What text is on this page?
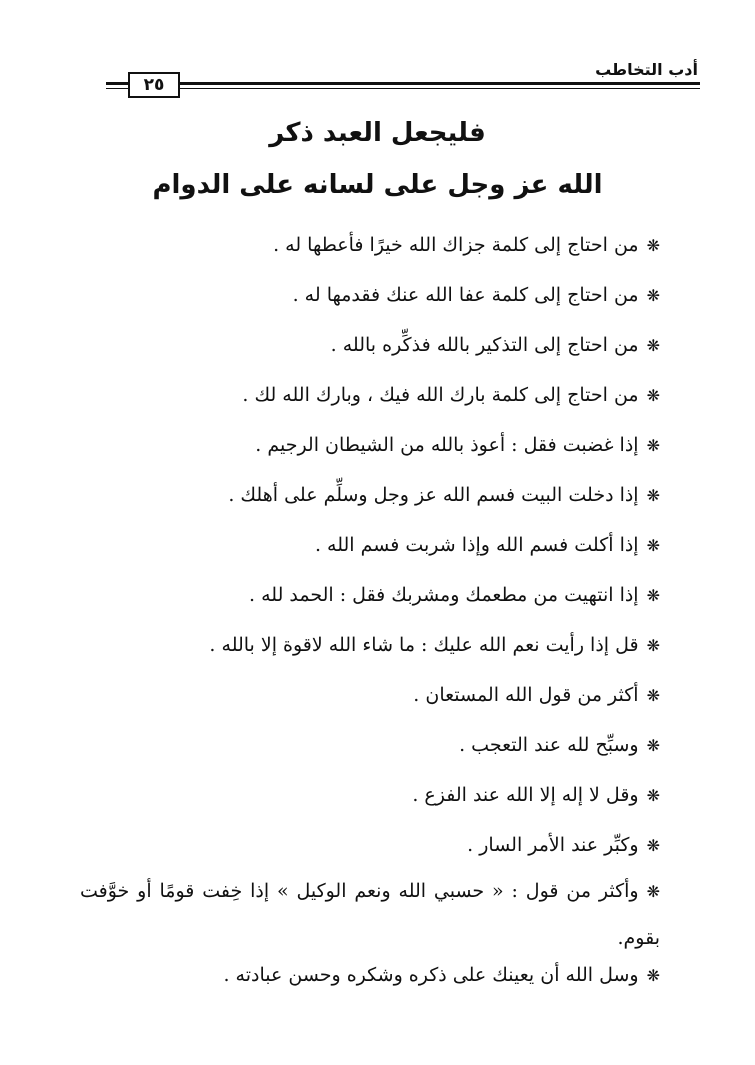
أدب التخاطب
٢٥
فليجعل العبد ذكر
الله عز وجل على لسانه على الدوام
❋من احتاج إلى كلمة جزاك الله خيرًا فأعطها له .
❋من احتاج إلى كلمة عفا الله عنك فقدمها له .
❋من احتاج إلى التذكير بالله فذكِّره بالله .
❋من احتاج إلى كلمة بارك الله فيك ، وبارك الله لك .
❋إذا غضبت فقل : أعوذ بالله من الشيطان الرجيم .
❋إذا دخلت البيت فسم الله عز وجل وسلِّم على أهلك .
❋إذا أكلت فسم الله وإذا شربت فسم الله .
❋إذا انتهيت من مطعمك ومشربك فقل : الحمد لله .
❋قل إذا رأيت نعم الله عليك : ما شاء الله لاقوة إلا بالله .
❋أكثر من قول الله المستعان .
❋وسبِّح لله عند التعجب .
❋وقل لا إله إلا الله عند الفزع .
❋وكبِّر عند الأمر السار .
❋وأكثر من قول : « حسبي الله ونعم الوكيل » إذا خِفت قومًا أو خوَّفت بقوم.
❋وسل الله أن يعينك على ذكره وشكره وحسن عبادته .
